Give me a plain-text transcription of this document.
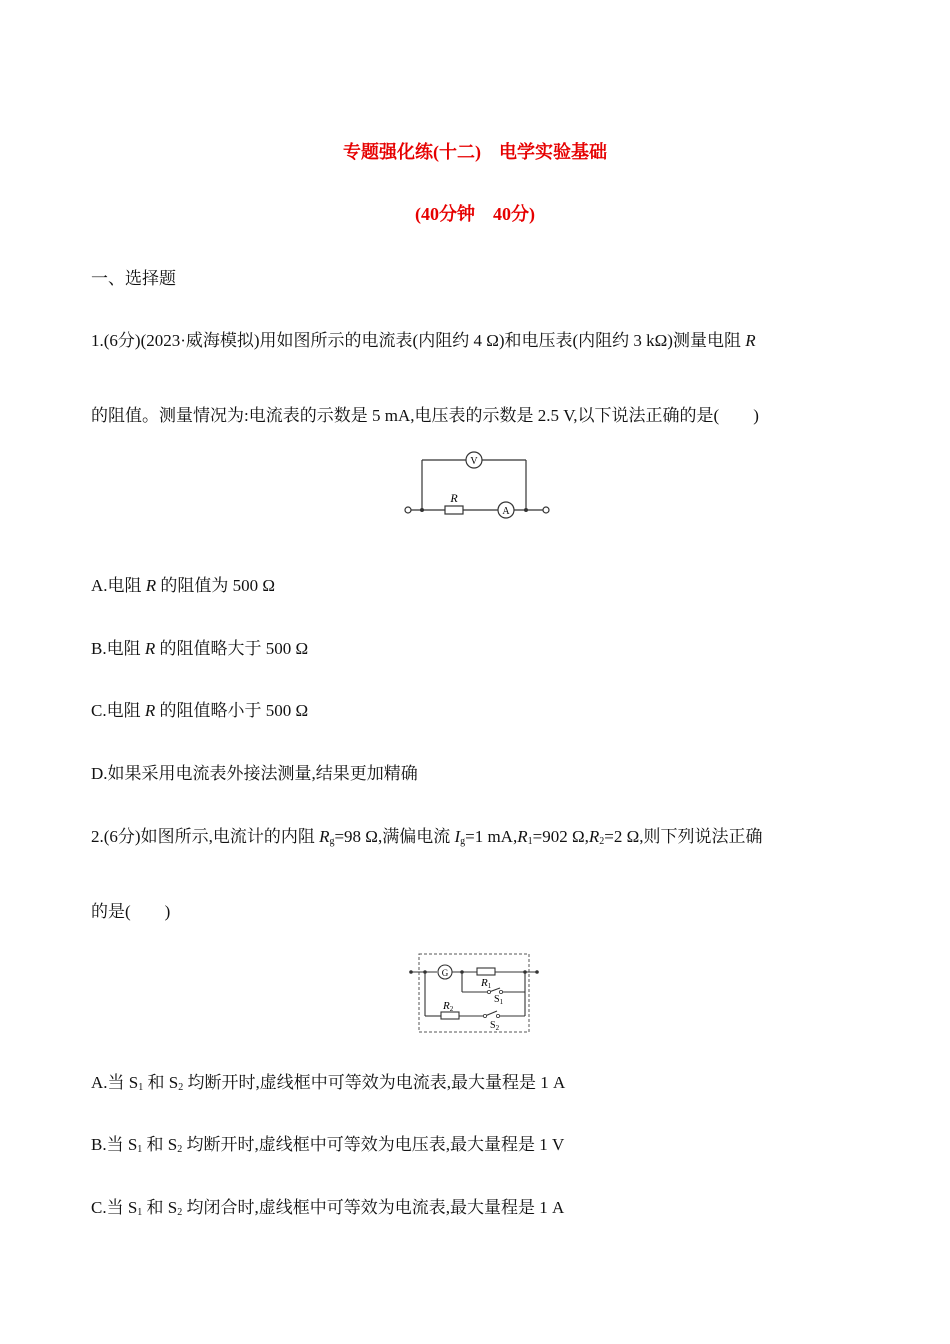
专题强化练(十二)　电学实验基础
(40分钟　40分)
一、选择题
1.(6分)(2023·威海模拟)用如图所示的电流表(内阻约 4 Ω)和电压表(内阻约 3 kΩ)测量电阻 R
的阻值。测量情况为:电流表的示数是 5 mA,电压表的示数是 2.5 V,以下说法正确的是(　　)
V
A
R
A.电阻 R 的阻值为 500 Ω
B.电阻 R 的阻值略大于 500 Ω
C.电阻 R 的阻值略小于 500 Ω
D.如果采用电流表外接法测量,结果更加精确
2.(6分)如图所示,电流计的内阻 $R_g=98$ Ω,满偏电流 $I_g=1$ $mA,R_1=902$ $\Omega,R_2=2$ Ω,则下列说法正确
的是(　　)
G
R1
R2
$S_1$
$S_2$
A.当 $S_1$ 和 $S_2$ 均断开时,虚线框中可等效为电流表,最大量程是 1 A
B.当 $S_1$ 和 $S_2$ 均断开时,虚线框中可等效为电压表,最大量程是 1 V
C.当 $S_1$ 和 $S_2$ 均闭合时,虚线框中可等效为电流表,最大量程是 1 A
